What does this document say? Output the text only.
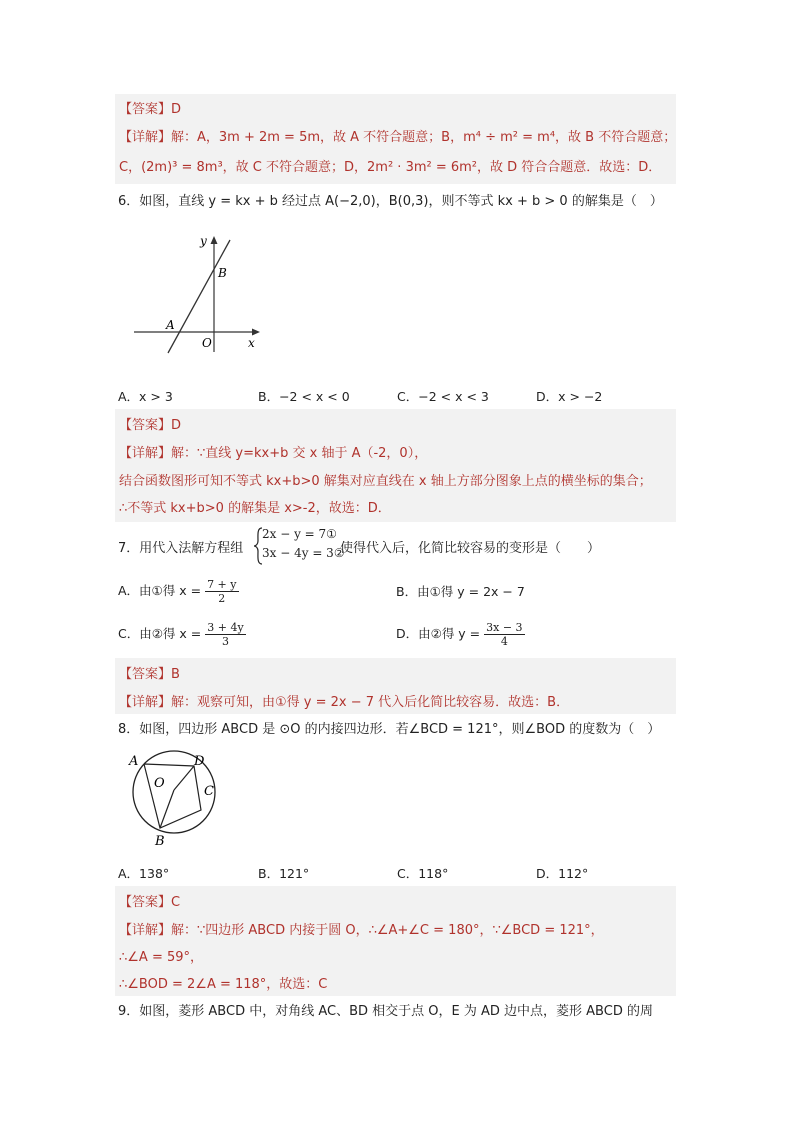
【答案】D
【详解】解：A，3m + 2m = 5m，故 A 不符合题意；B，m⁴ ÷ m² = m⁴，故 B 不符合题意；
C，(2m)³ = 8m³，故 C 不符合题意；D，2m² · 3m² = 6m²，故 D 符合合题意．故选：D．
6．如图，直线 y = kx + b 经过点 A(−2,0)，B(0,3)，则不等式 kx + b > 0 的解集是（　）
y
B
A
O	x
A．x > 3	B．−2 < x < 0	C．−2 < x < 3	D．x > −2
【答案】D
【详解】解：∵直线 y=kx+b 交 x 轴于 A（-2，0），
结合函数图形可知不等式 kx+b>0 解集对应直线在 x 轴上方部分图象上点的横坐标的集合；
∴不等式 kx+b>0 的解集是 x>-2，故选：D．
7．用代入法解方程组
2x − y = 7①
3x − 4y = 3②
使得代入后，化简比较容易的变形是（　　）
A．由①得 $x = \frac{7 + y}{2}$	B．由①得 y = 2x − 7
C．由②得 $x = \frac{3 + 4y}{3}$	D．由②得 $y = \frac{3x - 3}{4}$
【答案】B
【详解】解：观察可知，由①得 y = 2x − 7 代入后化简比较容易．故选：B．
8．如图，四边形 ABCD 是 ⊙O 的内接四边形．若∠BCD = 121°，则∠BOD 的度数为（　）
A	D
O
C
B
A．138°	B．121°	C．118°	D．112°
【答案】C
【详解】解：∵四边形 ABCD 内接于圆 O，∴∠A+∠C = 180°，∵∠BCD = 121°，
∴∠A = 59°，
∴∠BOD = 2∠A = 118°，故选：C
9．如图，菱形 ABCD 中，对角线 AC、BD 相交于点 O，E 为 AD 边中点，菱形 ABCD 的周
